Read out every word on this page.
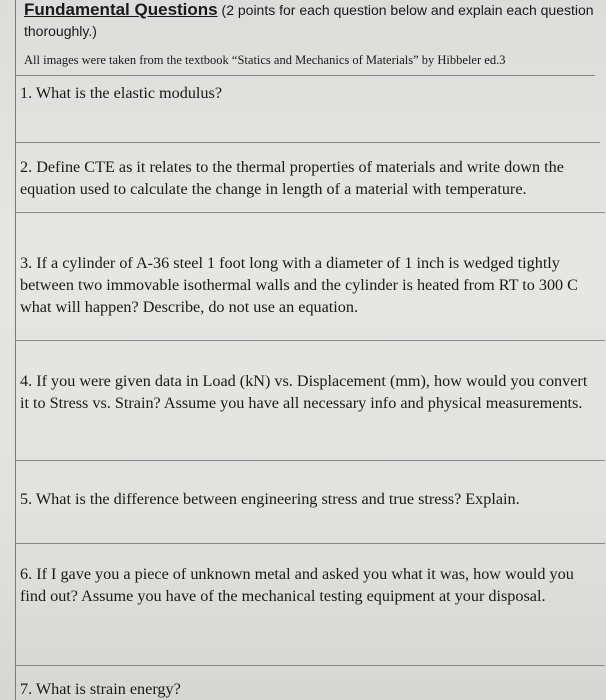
Fundamental Questions (2 points for each question below and explain each question thoroughly.)
All images were taken from the textbook “Statics and Mechanics of Materials” by Hibbeler ed.3
1. What is the elastic modulus?
2. Define CTE as it relates to the thermal properties of materials and write down the equation used to calculate the change in length of a material with temperature.
3. If a cylinder of A-36 steel 1 foot long with a diameter of 1 inch is wedged tightly between two immovable isothermal walls and the cylinder is heated from RT to 300 C what will happen? Describe, do not use an equation.
4. If you were given data in Load (kN) vs. Displacement (mm), how would you convert it to Stress vs. Strain? Assume you have all necessary info and physical measurements.
5. What is the difference between engineering stress and true stress? Explain.
6. If I gave you a piece of unknown metal and asked you what it was, how would you find out? Assume you have of the mechanical testing equipment at your disposal.
7. What is strain energy?
